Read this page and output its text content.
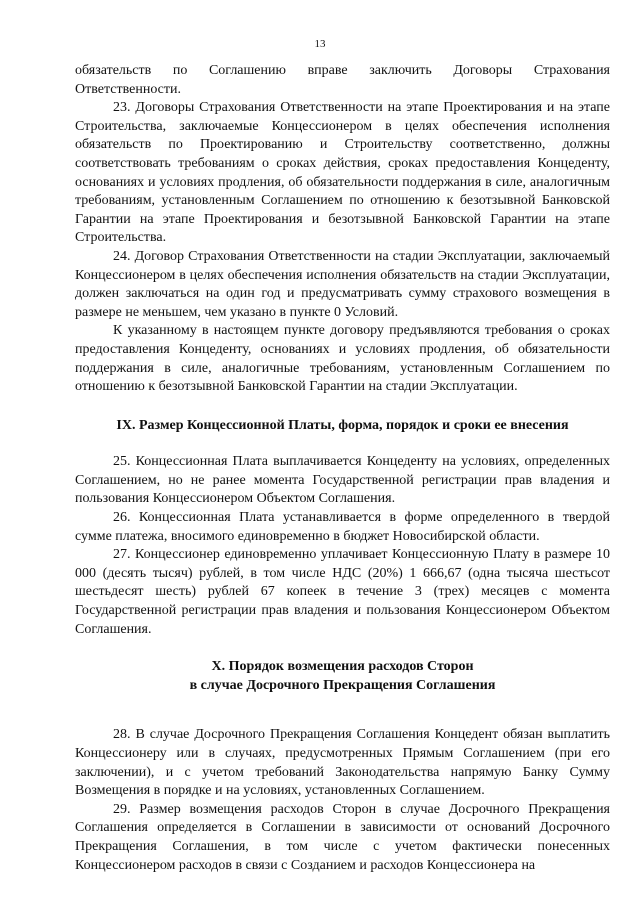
13

обязательств по Соглашению вправе заключить Договоры Страхования Ответственности.

23. Договоры Страхования Ответственности на этапе Проектирования и на этапе Строительства, заключаемые Концессионером в целях обеспечения исполнения обязательств по Проектированию и Строительству соответственно, должны соответствовать требованиям о сроках действия, сроках предоставления Концеденту, основаниях и условиях продления, об обязательности поддержания в силе, аналогичным требованиям, установленным Соглашением по отношению к безотзывной Банковской Гарантии на этапе Проектирования и безотзывной Банковской Гарантии на этапе Строительства.

24. Договор Страхования Ответственности на стадии Эксплуатации, заключаемый Концессионером в целях обеспечения исполнения обязательств на стадии Эксплуатации, должен заключаться на один год и предусматривать сумму страхового возмещения в размере не меньшем, чем указано в пункте 0 Условий.

К указанному в настоящем пункте договору предъявляются требования о сроках предоставления Концеденту, основаниях и условиях продления, об обязательности поддержания в силе, аналогичные требованиям, установленным Соглашением по отношению к безотзывной Банковской Гарантии на стадии Эксплуатации.

IX. Размер Концессионной Платы, форма, порядок и сроки ее внесения

25. Концессионная Плата выплачивается Концеденту на условиях, определенных Соглашением, но не ранее момента Государственной регистрации прав владения и пользования Концессионером Объектом Соглашения.

26. Концессионная Плата устанавливается в форме определенного в твердой сумме платежа, вносимого единовременно в бюджет Новосибирской области.

27. Концессионер единовременно уплачивает Концессионную Плату в размере 10 000 (десять тысяч) рублей, в том числе НДС (20%) 1 666,67 (одна тысяча шестьсот шестьдесят шесть) рублей 67 копеек в течение 3 (трех) месяцев с момента Государственной регистрации прав владения и пользования Концессионером Объектом Соглашения.

X. Порядок возмещения расходов Сторон
в случае Досрочного Прекращения Соглашения

28. В случае Досрочного Прекращения Соглашения Концедент обязан выплатить Концессионеру или в случаях, предусмотренных Прямым Соглашением (при его заключении), и с учетом требований Законодательства напрямую Банку Сумму Возмещения в порядке и на условиях, установленных Соглашением.

29. Размер возмещения расходов Сторон в случае Досрочного Прекращения Соглашения определяется в Соглашении в зависимости от оснований Досрочного Прекращения Соглашения, в том числе с учетом фактически понесенных Концессионером расходов в связи с Созданием и расходов Концессионера на
